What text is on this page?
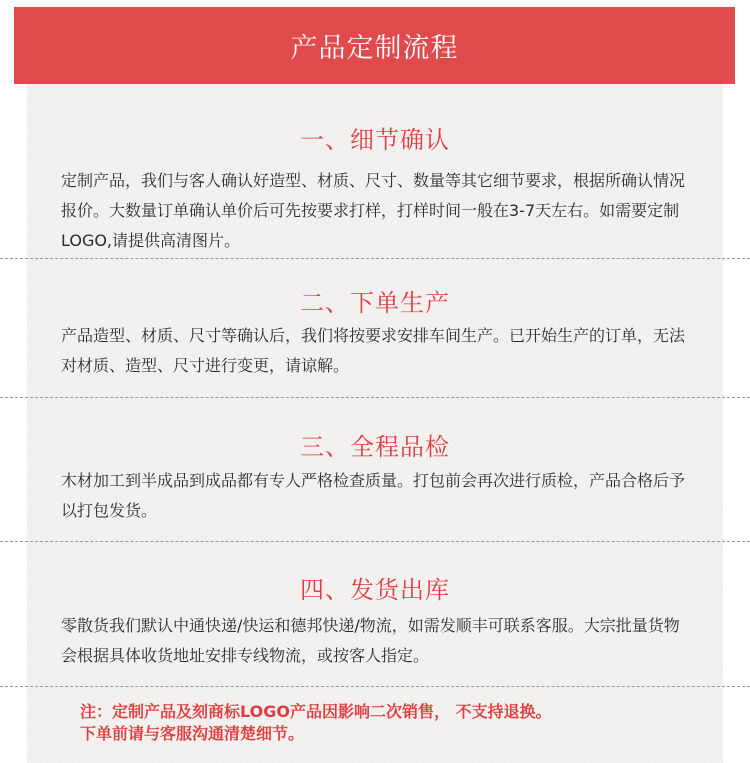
产品定制流程
一、细节确认
定制产品，我们与客人确认好造型、材质、尺寸、数量等其它细节要求，根据所确认情况报价。大数量订单确认单价后可先按要求打样，打样时间一般在3-7天左右。如需要定制LOGO,请提供高清图片。
二、下单生产
产品造型、材质、尺寸等确认后，我们将按要求安排车间生产。已开始生产的订单，无法对材质、造型、尺寸进行变更，请谅解。
三、全程品检
木材加工到半成品到成品都有专人严格检查质量。打包前会再次进行质检，产品合格后予以打包发货。
四、发货出库
零散货我们默认中通快递/快运和德邦快递/物流，如需发顺丰可联系客服。大宗批量货物会根据具体收货地址安排专线物流，或按客人指定。
注：定制产品及刻商标LOGO产品因影响二次销售， 不支持退换。
下单前请与客服沟通清楚细节。
